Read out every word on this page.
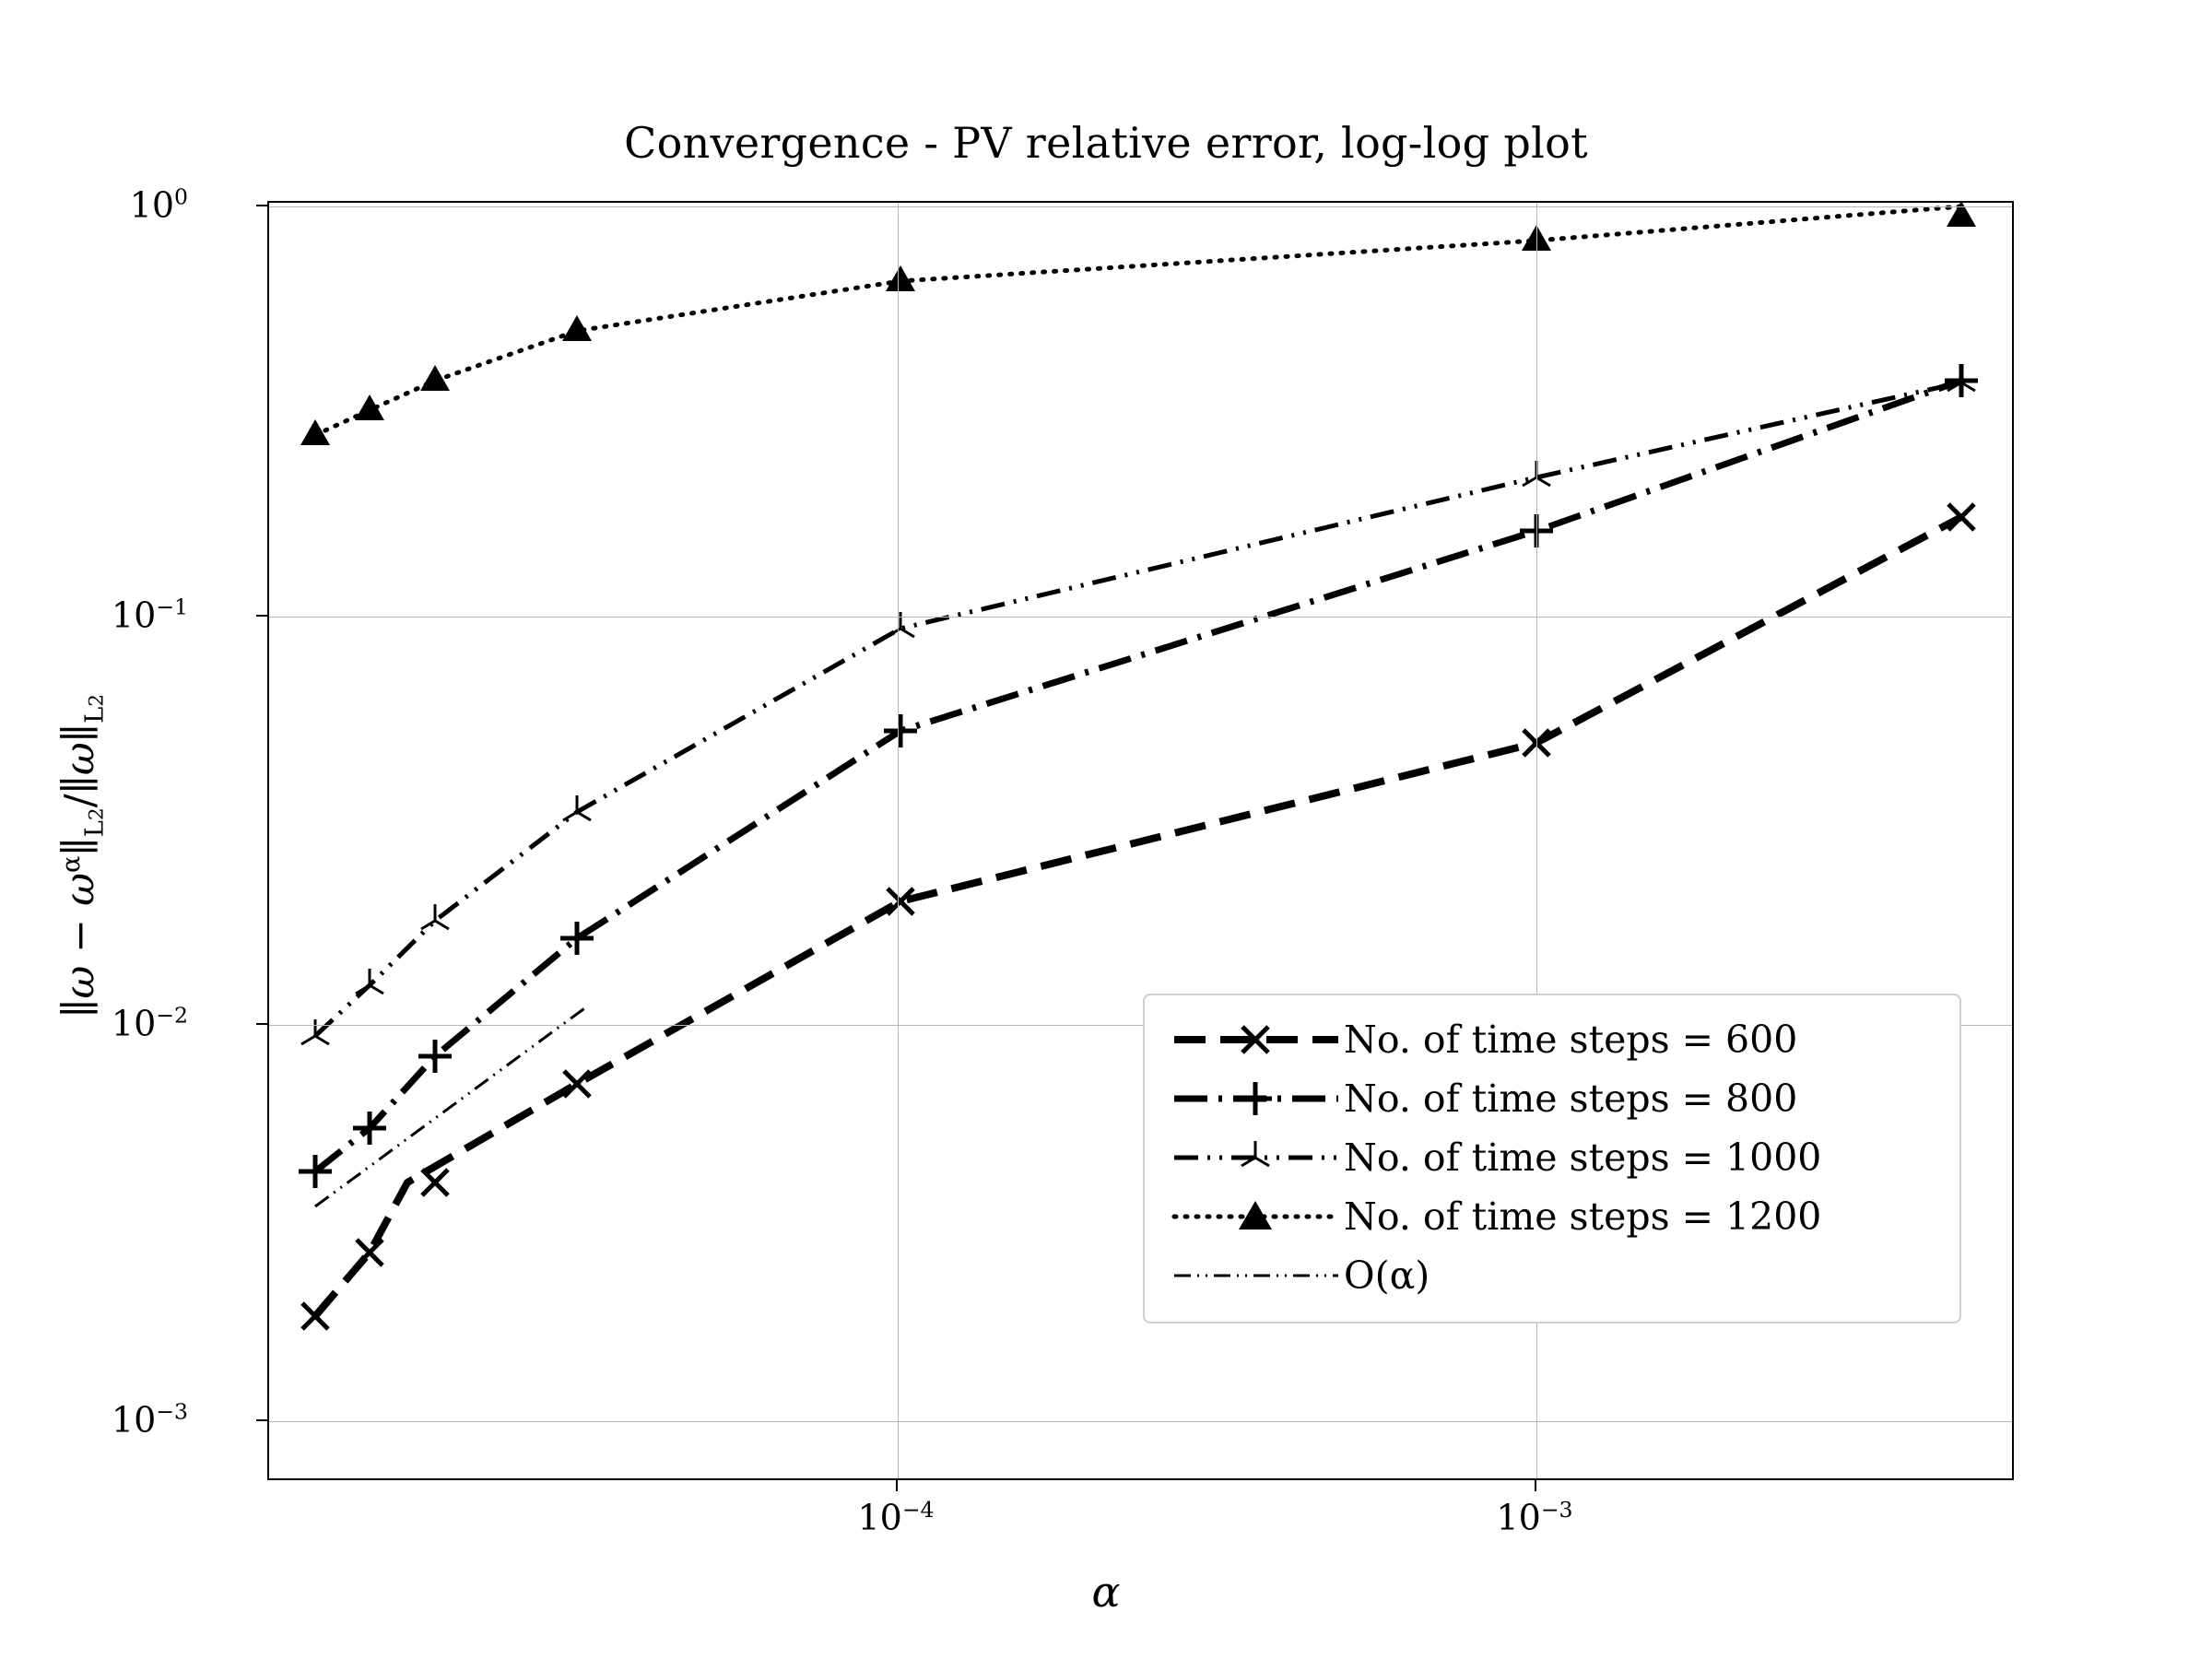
Convergence - PV relative error, log-log plot
$10^0$
$10^{-1}$
$10^{-2}$
$10^{-3}$
$10^{-4}$	$10^{-3}$
No. of time steps = 600
No. of time steps = 800
No. of time steps = 1000
No. of time steps = 1200
O(α)
∥ω − $\omega^\alpha\parallel_{L2}/\parallel\omega\parallel_{L2}$
α
